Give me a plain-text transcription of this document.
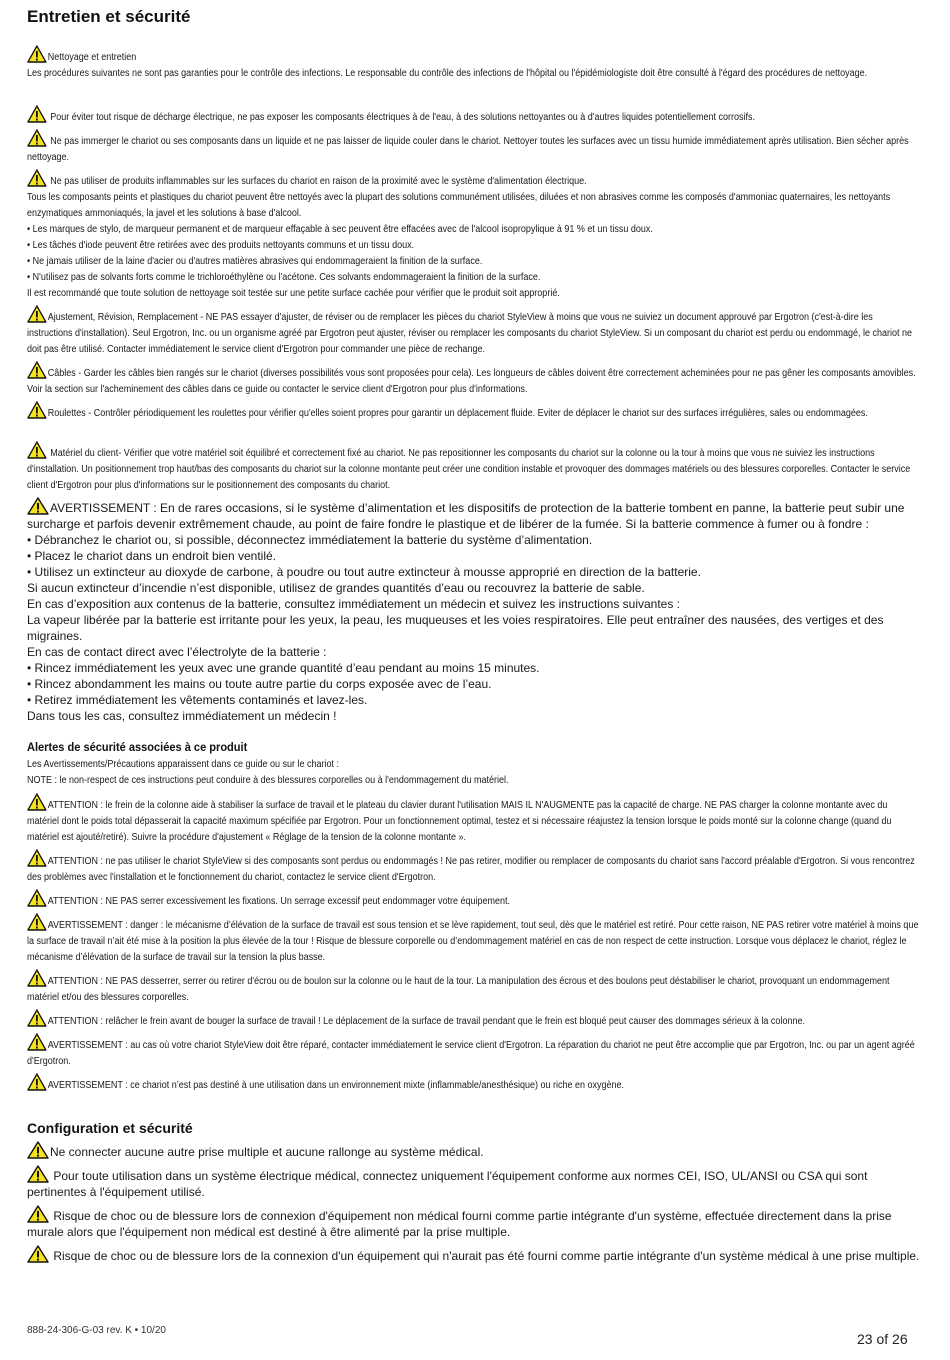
Entretien et sécurité
Nettoyage et entretien
Les procédures suivantes ne sont pas garanties pour le contrôle des infections. Le responsable du contrôle des infections de l'hôpital ou l'épidémiologiste doit être consulté à l'égard des procédures de nettoyage.
Pour éviter tout risque de décharge électrique, ne pas exposer les composants électriques à de l'eau, à des solutions nettoyantes ou à d'autres liquides potentiellement corrosifs.
Ne pas immerger le chariot ou ses composants dans un liquide et ne pas laisser de liquide couler dans le chariot. Nettoyer toutes les surfaces avec un tissu humide immédiatement après utilisation. Bien sécher après nettoyage.
Ne pas utiliser de produits inflammables sur les surfaces du chariot en raison de la proximité avec le système d'alimentation électrique.
Tous les composants peints et plastiques du chariot peuvent être nettoyés avec la plupart des solutions communément utilisées, diluées et non abrasives comme les composés d'ammoniac quaternaires, les nettoyants enzymatiques ammoniaqués, la javel et les solutions à base d'alcool.
• Les marques de stylo, de marqueur permanent et de marqueur effaçable à sec peuvent être effacées avec de l'alcool isopropylique à 91 % et un tissu doux.
• Les tâches d'iode peuvent être retirées avec des produits nettoyants communs et un tissu doux.
• Ne jamais utiliser de la laine d'acier ou d'autres matières abrasives qui endommageraient la finition de la surface.
• N'utilisez pas de solvants forts comme le trichloroéthylène ou l'acétone. Ces solvants endommageraient la finition de la surface.
Il est recommandé que toute solution de nettoyage soit testée sur une petite surface cachée pour vérifier que le produit soit approprié.
Ajustement, Révision, Remplacement - NE PAS essayer d'ajuster, de réviser ou de remplacer les pièces du chariot StyleView à moins que vous ne suiviez un document approuvé par Ergotron (c'est-à-dire les instructions d'installation). Seul Ergotron, Inc. ou un organisme agréé par Ergotron peut ajuster, réviser ou remplacer les composants du chariot StyleView. Si un composant du chariot est perdu ou endommagé, le chariot ne doit pas être utilisé. Contacter immédiatement le service client d'Ergotron pour commander une pièce de rechange.
Câbles - Garder les câbles bien rangés sur le chariot (diverses possibilités vous sont proposées pour cela). Les longueurs de câbles doivent être correctement acheminées pour ne pas gêner les composants amovibles. Voir la section sur l'acheminement des câbles dans ce guide ou contacter le service client d'Ergotron pour plus d'informations.
Roulettes - Contrôler périodiquement les roulettes pour vérifier qu'elles soient propres pour garantir un déplacement fluide. Eviter de déplacer le chariot sur des surfaces irrégulières, sales ou endommagées.
Matériel du client- Vérifier que votre matériel soit équilibré et correctement fixé au chariot. Ne pas repositionner les composants du chariot sur la colonne ou la tour à moins que vous ne suiviez les instructions d'installation. Un positionnement trop haut/bas des composants du chariot sur la colonne montante peut créer une condition instable et provoquer des dommages matériels ou des blessures corporelles. Contacter le service client d'Ergotron pour plus d'informations sur le positionnement des composants du chariot.
AVERTISSEMENT : En de rares occasions, si le système d’alimentation et les dispositifs de protection de la batterie tombent en panne, la batterie peut subir une surcharge et parfois devenir extrêmement chaude, au point de faire fondre le plastique et de libérer de la fumée. Si la batterie commence à fumer ou à fondre :
• Débranchez le chariot ou, si possible, déconnectez immédiatement la batterie du système d’alimentation.
• Placez le chariot dans un endroit bien ventilé.
• Utilisez un extincteur au dioxyde de carbone, à poudre ou tout autre extincteur à mousse approprié en direction de la batterie.
Si aucun extincteur d’incendie n’est disponible, utilisez de grandes quantités d’eau ou recouvrez la batterie de sable.
En cas d’exposition aux contenus de la batterie, consultez immédiatement un médecin et suivez les instructions suivantes :
La vapeur libérée par la batterie est irritante pour les yeux, la peau, les muqueuses et les voies respiratoires. Elle peut entraîner des nausées, des vertiges et des migraines.
En cas de contact direct avec l’électrolyte de la batterie :
• Rincez immédiatement les yeux avec une grande quantité d’eau pendant au moins 15 minutes.
• Rincez abondamment les mains ou toute autre partie du corps exposée avec de l’eau.
• Retirez immédiatement les vêtements contaminés et lavez-les.
Dans tous les cas, consultez immédiatement un médecin !
Alertes de sécurité associées à ce produit
Les Avertissements/Précautions apparaissent dans ce guide ou sur le chariot :
NOTE : le non-respect de ces instructions peut conduire à des blessures corporelles ou à l'endommagement du matériel.
ATTENTION : le frein de la colonne aide à stabiliser la surface de travail et le plateau du clavier durant l'utilisation MAIS IL N'AUGMENTE pas la capacité de charge. NE PAS charger la colonne montante avec du matériel dont le poids total dépasserait la capacité maximum spécifiée par Ergotron. Pour un fonctionnement optimal, testez et si nécessaire réajustez la tension lorsque le poids monté sur la colonne change (quand du matériel est ajouté/retiré). Suivre la procédure d'ajustement « Réglage de la tension de la colonne montante ».
ATTENTION : ne pas utiliser le chariot StyleView si des composants sont perdus ou endommagés ! Ne pas retirer, modifier ou remplacer de composants du chariot sans l'accord préalable d'Ergotron. Si vous rencontrez des problèmes avec l'installation et le fonctionnement du chariot, contactez le service client d'Ergotron.
ATTENTION : NE PAS serrer excessivement les fixations. Un serrage excessif peut endommager votre équipement.
AVERTISSEMENT : danger : le mécanisme d’élévation de la surface de travail est sous tension et se lève rapidement, tout seul, dès que le matériel est retiré. Pour cette raison, NE PAS retirer votre matériel à moins que la surface de travail n’ait été mise à la position la plus élevée de la tour ! Risque de blessure corporelle ou d’endommagement matériel en cas de non respect de cette instruction. Lorsque vous déplacez le chariot, réglez le mécanisme d’élévation de la surface de travail sur la tension la plus basse.
ATTENTION : NE PAS desserrer, serrer ou retirer d'écrou ou de boulon sur la colonne ou le haut de la tour. La manipulation des écrous et des boulons peut déstabiliser le chariot, provoquant un endommagement matériel et/ou des blessures corporelles.
ATTENTION : relâcher le frein avant de bouger la surface de travail ! Le déplacement de la surface de travail pendant que le frein est bloqué peut causer des dommages sérieux à la colonne.
AVERTISSEMENT : au cas où votre chariot StyleView doit être réparé, contacter immédiatement le service client d'Ergotron. La réparation du chariot ne peut être accomplie que par Ergotron, Inc. ou par un agent agréé d'Ergotron.
AVERTISSEMENT : ce chariot n’est pas destiné à une utilisation dans un environnement mixte (inflammable/anesthésique) ou riche en oxygène.
Configuration et sécurité
Ne connecter aucune autre prise multiple et aucune rallonge au système médical.
Pour toute utilisation dans un système électrique médical, connectez uniquement l'équipement conforme aux normes CEI, ISO, UL/ANSI ou CSA qui sont pertinentes à l'équipement utilisé.
Risque de choc ou de blessure lors de connexion d'équipement non médical fourni comme partie intégrante d'un système, effectuée directement dans la prise murale alors que l'équipement non médical est destiné à être alimenté par la prise multiple.
Risque de choc ou de blessure lors de la connexion d'un équipement qui n'aurait pas été fourni comme partie intégrante d'un système médical à une prise multiple.
888-24-306-G-03 rev. K • 10/20
23 of 26
